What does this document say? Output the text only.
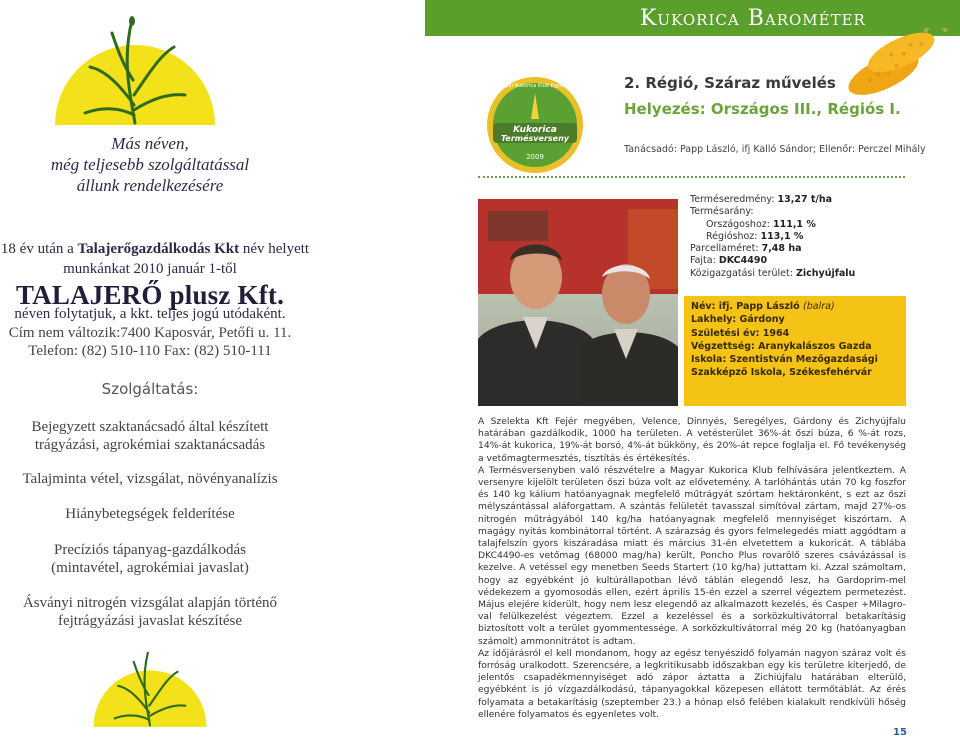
Más néven,
még teljesebb szolgáltatással
állunk rendelkezésére
18 év után a Talajerőgazdálkodás Kkt név helyett
munkánkat 2010 január 1-től
TALAJERŐ plusz Kft.
néven folytatjuk, a kkt. teljes jogú utódaként.
Cím nem változik:7400 Kaposvár, Petőfi u. 11.
Telefon: (82) 510-110 Fax: (82) 510-111
Szolgáltatás:
Bejegyzett szaktanácsadó által készített trágyázási, agrokémiai szaktanácsadás
Talajminta vétel, vizsgálat, növényanalízis
Hiánybetegségek felderítése
Precíziós tápanyag-gazdálkodás (mintavétel, agrokémiai javaslat)
Ásványi nitrogén vizsgálat alapján történő fejtrágyázási javaslat készítése
Kukorica Barométer
Magyar Kukorica Klub Egyesület
Kukorica
Termésverseny
2009
2. Régió, Száraz művelés
Helyezés: Országos III., Régiós I.
Tanácsadó: Papp László, ifj Kalló Sándor; Ellenőr: Perczel Mihály
Terméseredmény: 13,27 t/ha
Termésarány:
Országoshoz: 111,1 %
Régióshoz: 113,1 %
Parcellaméret: 7,48 ha
Fajta: DKC4490
Közigazgatási terület: Zichyújfalu
Név: ifj. Papp László (balra)
Lakhely: Gárdony
Születési év: 1964
Végzettség: Aranykalászos Gazda
Iskola: Szentistván Mezőgazdasági
Szakképző Iskola, Székesfehérvár

A Szelekta Kft Fejér megyében, Velence, Dinnyés, Seregélyes, Gárdony és Zichyújfalu határában gazdálkodik, 1000 ha területen. A vetésterület 36%-át őszi búza, 6 %-át rozs, 14%-át kukorica, 19%-át borsó, 4%-át bükköny, és 20%-át repce foglalja el. Fő tevékenység a vetőmagtermesztés, tisztítás és értékesítés.

A Termésversenyben való részvételre a Magyar Kukorica Klub felhívására jelentkeztem. A versenyre kijelölt területen őszi búza volt az elővetemény. A tarlóhántás után 70 kg foszfor és 140 kg kálium hatóanyagnak megfelelő műtrágyát szórtam hektáronként, s ezt az őszi mélyszántással aláforgattam. A szántás felületét tavasszal simítóval zártam, majd 27%-os nitrogén műtrágyából 140 kg/ha hatóanyagnak megfelelő mennyiséget kiszórtam. A magágy nyitás kombinátorral történt. A szárazság és gyors felmelegedés miatt aggódtam a talajfelszín gyors kiszáradása miatt és március 31-én elvetettem a kukoricát. A táblába DKC4490-es vetőmag (68000 mag/ha) került, Poncho Plus rovarölő szeres csávázással is kezelve. A vetéssel egy menetben Seeds Startert (10 kg/ha) juttattam ki. Azzal számoltam, hogy az egyébként jó kultúrállapotban lévő táblán elegendő lesz, ha Gardoprim-mel védekezem a gyomosodás ellen, ezért április 15-én ezzel a szerrel végeztem permetezést. Május elejére kiderült, hogy nem lesz elegendő az alkalmazott kezelés, és Casper +Milagro-val felülkezelést végeztem. Ezzel a kezeléssel és a sorközkultivátorral betakarításig biztosított volt a terület gyommentessége. A sorközkultivátorral még 20 kg (hatóanyagban számolt) ammonnitrátot is adtam.

Az időjárásról el kell mondanom, hogy az egész tenyészidő folyamán nagyon száraz volt és forróság uralkodott. Szerencsére, a legkritikusabb időszakban egy kis területre kiterjedő, de jelentős csapadékmennyiséget adó zápor áztatta a Zichiújfalu határában elterülő, egyébként is jó vízgazdálkodású, tápanyagokkal közepesen ellátott termőtáblát. Az érés folyamata a betakarításig (szeptember 23.) a hónap első felében kialakult rendkívüli hőség ellenére folyamatos és egyenletes volt.

15
